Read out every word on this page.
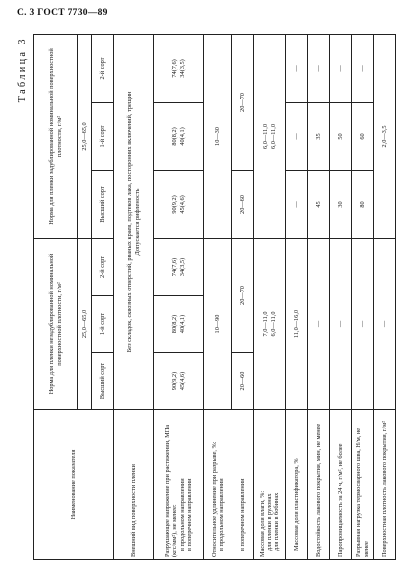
С. 3 ГОСТ 7730—89
Таблица 3
Наименование показателя	Норма для пленки незадублированной номинальной поверхностной плотности, г/м²			Норма для пленки задублированной номинальной поверхностной плотности, г/м²		
	25,0—65,0			25,0—65,0		
	Высший сорт	1-й сорт	2-й сорт	Высший сорт	1-й сорт	2-й сорт
Внешний вид поверхности пленки	Без складок, сквозных отверстий, рваных краев, подтеков лака, посторонних включений, трещин Допускается рифленость					

Разрушающее напряжение при растяжении, МПа (кгс/мм²), не менее: в продольном направлении в поперечном направлении	90(9,2) 45(4,6)	80(8,2) 40(4,1)	74(7,6) 34(3,5)	90(9,2) 45(4,6)	80(8,2) 40(4,1)	74(7,6) 34(3,5)

Относительное удлинение при разрыве, %: в продольном направлении	10—90			10—30		

в поперечном направлении	20—60	20—70		20—60	20—70	

Массовая доля влаги, %: для пленки в рулонах для пленки в бобинах	7,0—11,0 6,0—11,0			6,0—11,0 6,0—11,0		

Массовая доля пластификатора, %	11,0—16,0			—	—	—
Водостойкость лакового покрытия, мин, не менее	—			45	35	—
Паропроницаемость за 24 ч, г/м², не более	—			30	50	—
Разрывная нагрузка термосварного шва, Н/м, не менее	—			80	60	—
Поверхностная плотность лакового покрытия, г/м²	—			2,0—3,5		
